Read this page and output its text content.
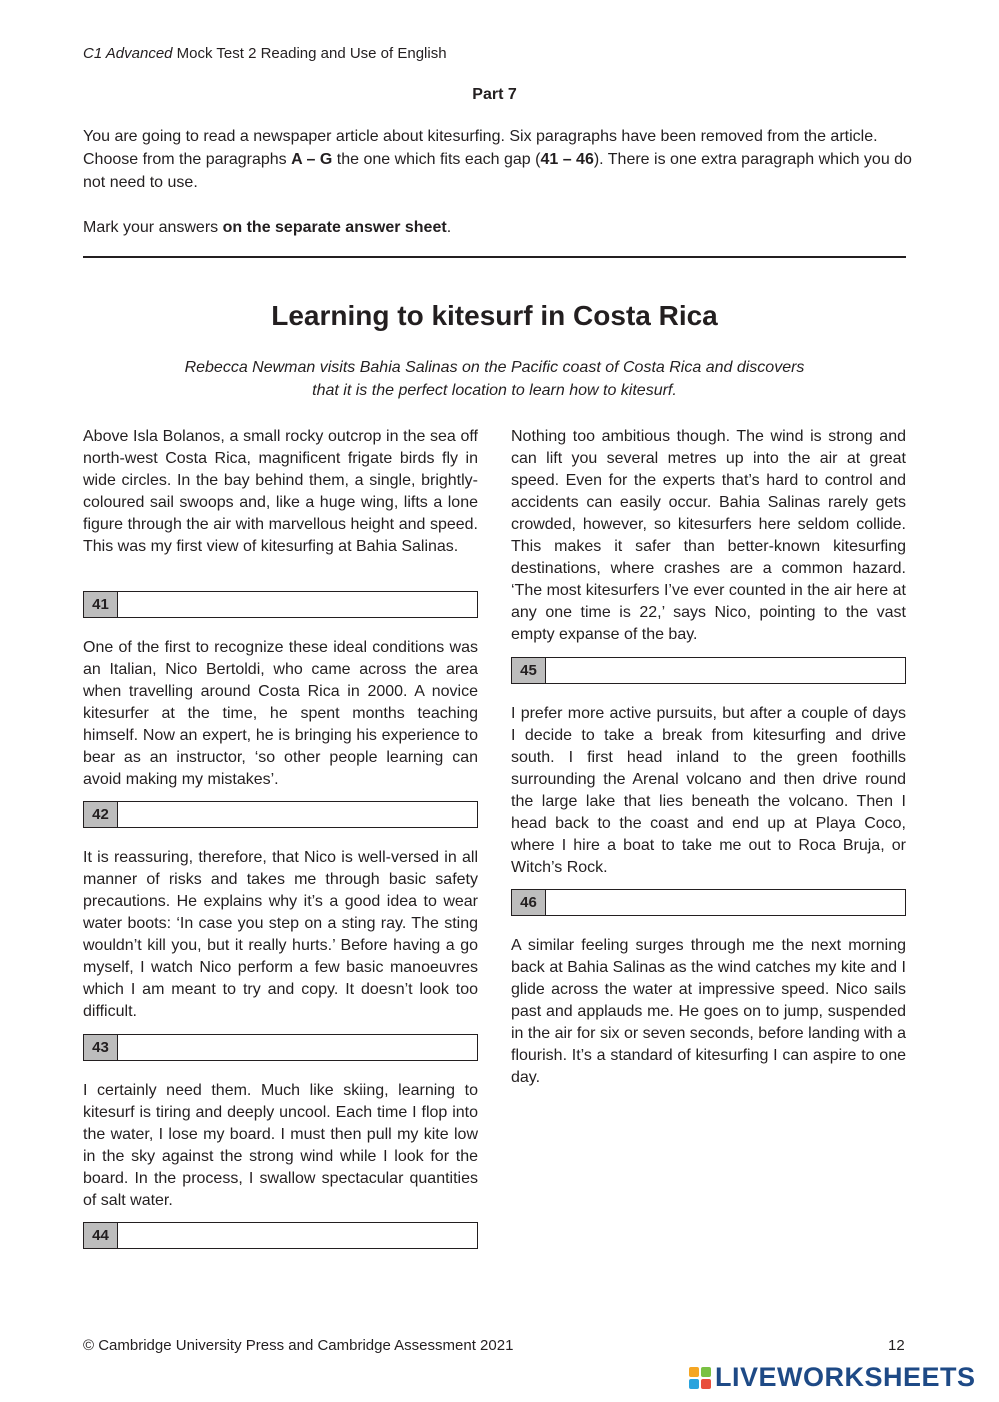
C1 Advanced Mock Test 2 Reading and Use of English
Part 7

You are going to read a newspaper article about kitesurfing. Six paragraphs have been removed from the article. Choose from the paragraphs A – G the one which fits each gap (41 – 46). There is one extra paragraph which you do not need to use.

Mark your answers on the separate answer sheet.

Learning to kitesurf in Costa Rica
Rebecca Newman visits Bahia Salinas on the Pacific coast of Costa Rica and discovers
that it is the perfect location to learn how to kitesurf.

Above Isla Bolanos, a small rocky outcrop in the sea off north-west Costa Rica, magnificent frigate birds fly in wide circles. In the bay behind them, a single, brightly-coloured sail swoops and, like a huge wing, lifts a lone figure through the air with marvellous height and speed. This was my first view of kitesurfing at Bahia Salinas.

41

One of the first to recognize these ideal conditions was an Italian, Nico Bertoldi, who came across the area when travelling around Costa Rica in 2000. A novice kitesurfer at the time, he spent months teaching himself. Now an expert, he is bringing his experience to bear as an instructor, ‘so other people learning can avoid making my mistakes’.

42

It is reassuring, therefore, that Nico is well-versed in all manner of risks and takes me through basic safety precautions. He explains why it’s a good idea to wear water boots: ‘In case you step on a sting ray. The sting wouldn’t kill you, but it really hurts.’ Before having a go myself, I watch Nico perform a few basic manoeuvres which I am meant to try and copy. It doesn’t look too difficult.

43

I certainly need them. Much like skiing, learning to kitesurf is tiring and deeply uncool. Each time I flop into the water, I lose my board. I must then pull my kite low in the sky against the strong wind while I look for the board. In the process, I swallow spectacular quantities of salt water.

44

Nothing too ambitious though. The wind is strong and can lift you several metres up into the air at great speed. Even for the experts that’s hard to control and accidents can easily occur. Bahia Salinas rarely gets crowded, however, so kitesurfers here seldom collide. This makes it safer than better-known kitesurfing destinations, where crashes are a common hazard. ‘The most kitesurfers I’ve ever counted in the air here at any one time is 22,’ says Nico, pointing to the vast empty expanse of the bay.

45

I prefer more active pursuits, but after a couple of days I decide to take a break from kitesurfing and drive south. I first head inland to the green foothills surrounding the Arenal volcano and then drive round the large lake that lies beneath the volcano. Then I head back to the coast and end up at Playa Coco, where I hire a boat to take me out to Roca Bruja, or Witch’s Rock.

46

A similar feeling surges through me the next morning back at Bahia Salinas as the wind catches my kite and I glide across the water at impressive speed. Nico sails past and applauds me. He goes on to jump, suspended in the air for six or seven seconds, before landing with a flourish. It’s a standard of kitesurfing I can aspire to one day.

© Cambridge University Press and Cambridge Assessment 2021	12
LIVEWORKSHEETS
